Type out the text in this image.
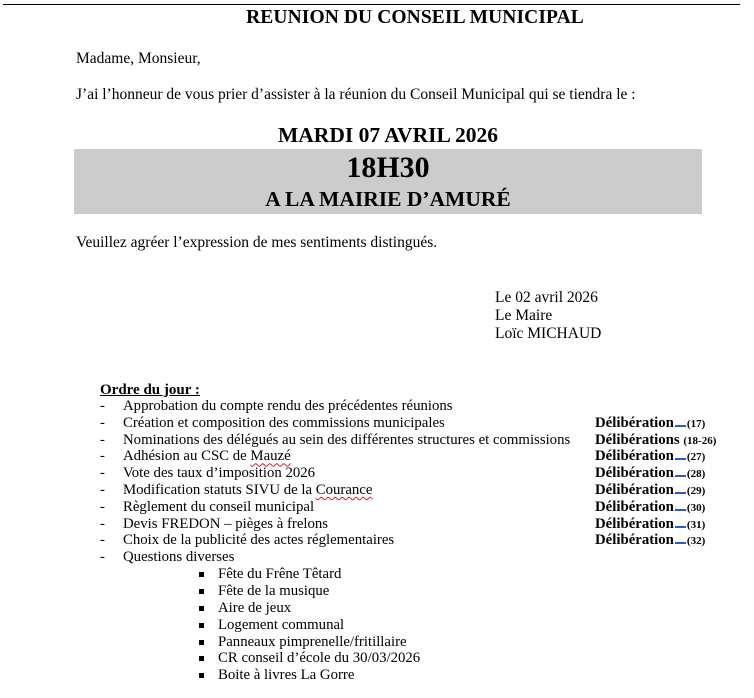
REUNION DU CONSEIL MUNICIPAL
Madame, Monsieur,
J’ai l’honneur de vous prier d’assister à la réunion du Conseil Municipal qui se tiendra le :
MARDI 07 AVRIL 2026
18H30
A LA MAIRIE D’AMURÉ
Veuillez agréer l’expression de mes sentiments distingués.
Le 02 avril 2026
Le Maire
Loïc MICHAUD
Ordre du jour :
- Approbation du compte rendu des précédentes réunions
- Création et composition des commissions municipales	Délibération (17)
- Nominations des délégués au sein des différentes structures et commissions Délibérations (18-26)
- Adhésion au CSC de Mauzé	Délibération (27)
- Vote des taux d’imposition 2026	Délibération (28)
- Modification statuts SIVU de la Courance	Délibération (29)
- Règlement du conseil municipal	Délibération (30)
- Devis FREDON – pièges à frelons	Délibération (31)
- Choix de la publicité des actes réglementaires	Délibération (32)
- Questions diverses
Fête du Frêne Têtard
Fête de la musique
Aire de jeux
Logement communal
Panneaux pimprenelle/fritillaire
CR conseil d’école du 30/03/2026
Boite à livres La Gorre
